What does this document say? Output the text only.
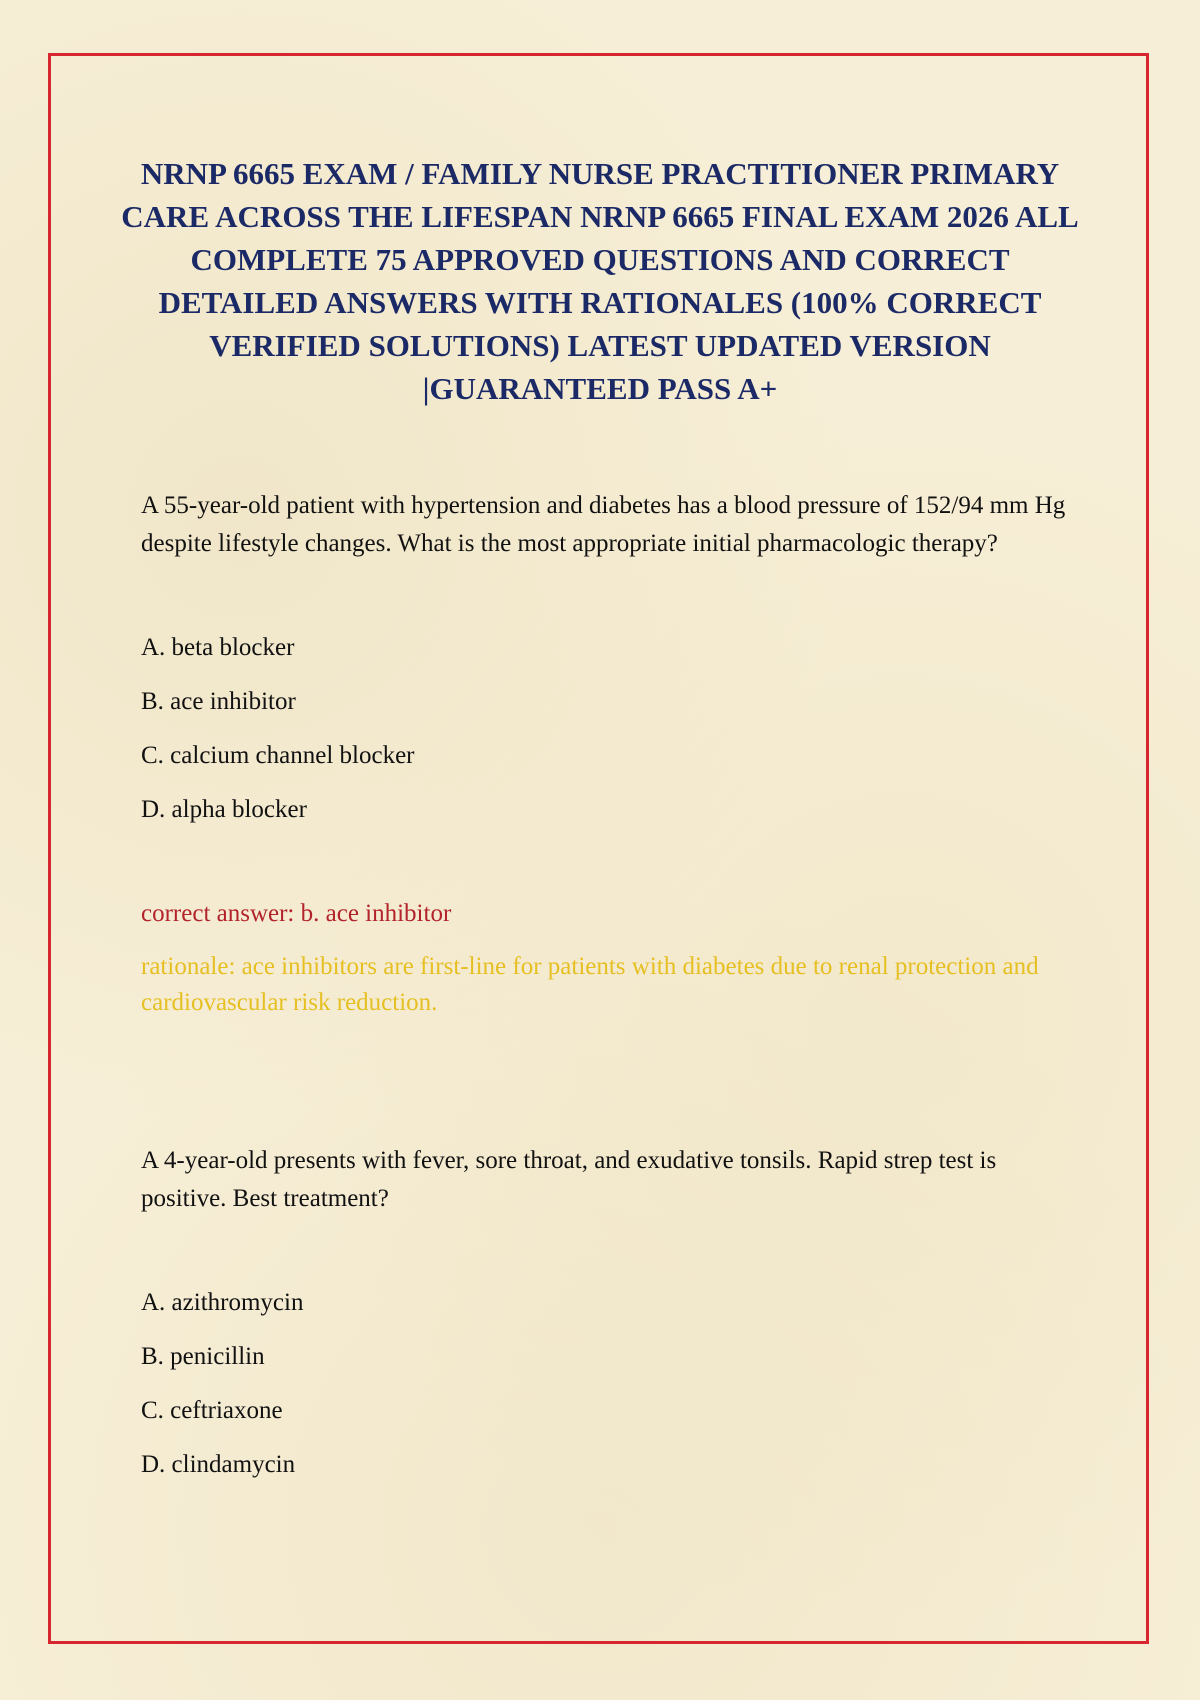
NRNP 6665 EXAM / FAMILY NURSE PRACTITIONER PRIMARY CARE ACROSS THE LIFESPAN NRNP 6665 FINAL EXAM 2026 ALL COMPLETE 75 APPROVED QUESTIONS AND CORRECT DETAILED ANSWERS WITH RATIONALES (100% CORRECT VERIFIED SOLUTIONS) LATEST UPDATED VERSION |GUARANTEED PASS A+

A 55-year-old patient with hypertension and diabetes has a blood pressure of 152/94 mm Hg despite lifestyle changes. What is the most appropriate initial pharmacologic therapy?

A. beta blocker
B. ace inhibitor
C. calcium channel blocker
D. alpha blocker

correct answer: b. ace inhibitor

rationale: ace inhibitors are first-line for patients with diabetes due to renal protection and cardiovascular risk reduction.

A 4-year-old presents with fever, sore throat, and exudative tonsils. Rapid strep test is positive. Best treatment?

A. azithromycin
B. penicillin
C. ceftriaxone
D. clindamycin
